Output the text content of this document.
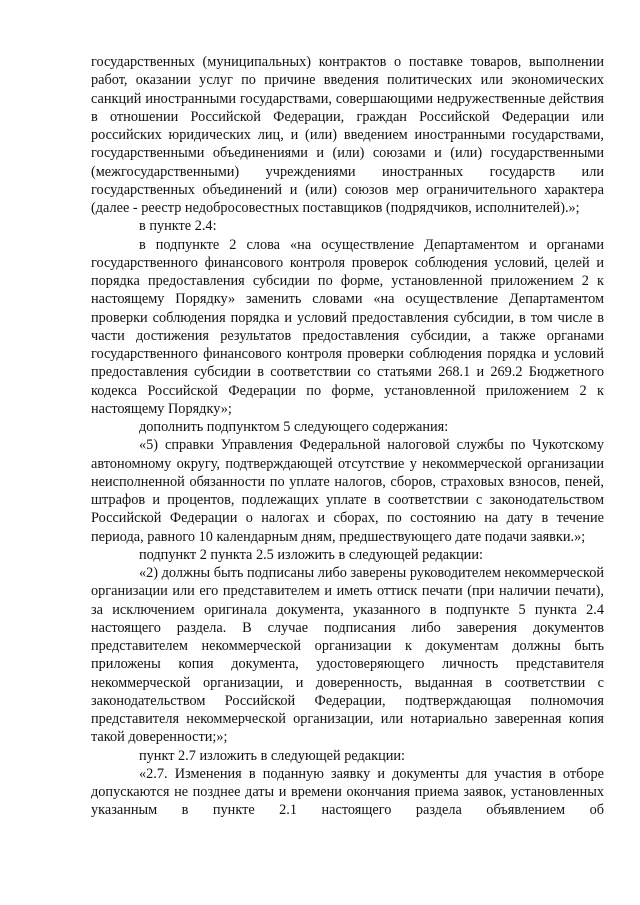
государственных (муниципальных) контрактов о поставке товаров, выполнении работ, оказании услуг по причине введения политических или экономических санкций иностранными государствами, совершающими недружественные действия в отношении Российской Федерации, граждан Российской Федерации или российских юридических лиц, и (или) введением иностранными государствами, государственными объединениями и (или) союзами и (или) государственными (межгосударственными) учреждениями иностранных государств или государственных объединений и (или) союзов мер ограничительного характера (далее - реестр недобросовестных поставщиков (подрядчиков, исполнителей).»;

в пункте 2.4:

в подпункте 2 слова «на осуществление Департаментом и органами государственного финансового контроля проверок соблюдения условий, целей и порядка предоставления субсидии по форме, установленной приложением 2 к настоящему Порядку» заменить словами «на осуществление Департаментом проверки соблюдения порядка и условий предоставления субсидии, в том числе в части достижения результатов предоставления субсидии, а также органами государственного финансового контроля проверки соблюдения порядка и условий предоставления субсидии в соответствии со статьями 268.1 и 269.2 Бюджетного кодекса Российской Федерации по форме, установленной приложением 2 к настоящему Порядку»;

дополнить подпунктом 5 следующего содержания:

«5) справки Управления Федеральной налоговой службы по Чукотскому автономному округу, подтверждающей отсутствие у некоммерческой организации неисполненной обязанности по уплате налогов, сборов, страховых взносов, пеней, штрафов и процентов, подлежащих уплате в соответствии с законодательством Российской Федерации о налогах и сборах, по состоянию на дату в течение периода, равного 10 календарным дням, предшествующего дате подачи заявки.»;

подпункт 2 пункта 2.5 изложить в следующей редакции:

«2) должны быть подписаны либо заверены руководителем некоммерческой организации или его представителем и иметь оттиск печати (при наличии печати), за исключением оригинала документа, указанного в подпункте 5 пункта 2.4 настоящего раздела. В случае подписания либо заверения документов представителем некоммерческой организации к документам должны быть приложены копия документа, удостоверяющего личность представителя некоммерческой организации, и доверенность, выданная в соответствии с законодательством Российской Федерации, подтверждающая полномочия представителя некоммерческой организации, или нотариально заверенная копия такой доверенности;»;

пункт 2.7 изложить в следующей редакции:

«2.7. Изменения в поданную заявку и документы для участия в отборе допускаются не позднее даты и времени окончания приема заявок, установленных указанным в пункте 2.1 настоящего раздела объявлением об
